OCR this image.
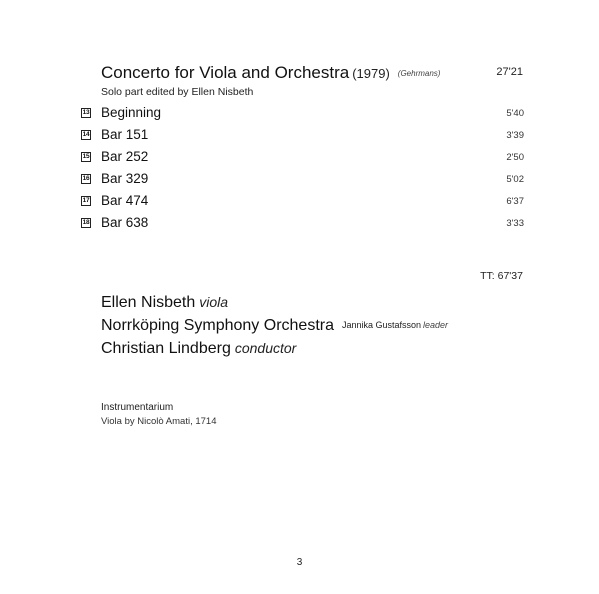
Concerto for Viola and Orchestra (1979) (Gehrmans)	27'21
Solo part edited by Ellen Nisbeth
13 Beginning	5'40
14 Bar 151	3'39
15 Bar 252	2'50
16 Bar 329	5'02
17 Bar 474	6'37
18 Bar 638	3'33
TT: 67'37
Ellen Nisbeth viola
Norrköping Symphony Orchestra Jannika Gustafsson leader
Christian Lindberg conductor
Instrumentarium
Viola by Nicolò Amati, 1714
3
